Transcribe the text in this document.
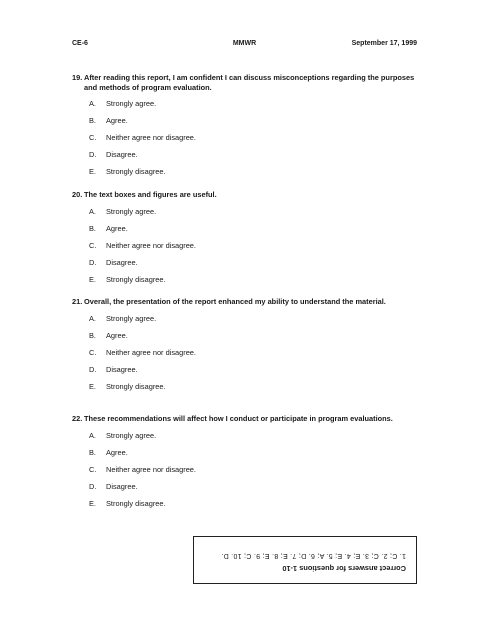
CE-6	MMWR	September 17, 1999
19. After reading this report, I am confident I can discuss misconceptions regarding the purposes and methods of program evaluation.
A. Strongly agree.
B. Agree.
C. Neither agree nor disagree.
D. Disagree.
E. Strongly disagree.
20. The text boxes and figures are useful.
A. Strongly agree.
B. Agree.
C. Neither agree nor disagree.
D. Disagree.
E. Strongly disagree.
21. Overall, the presentation of the report enhanced my ability to understand the material.
A. Strongly agree.
B. Agree.
C. Neither agree nor disagree.
D. Disagree.
E. Strongly disagree.
22. These recommendations will affect how I conduct or participate in program evaluations.
A. Strongly agree.
B. Agree.
C. Neither agree nor disagree.
D. Disagree.
E. Strongly disagree.
Correct answers for questions 1-10
1. C; 2. C; 3. E; 4. E; 5. A; 6. D; 7. E; 8. E; 9. C; 10. D.
